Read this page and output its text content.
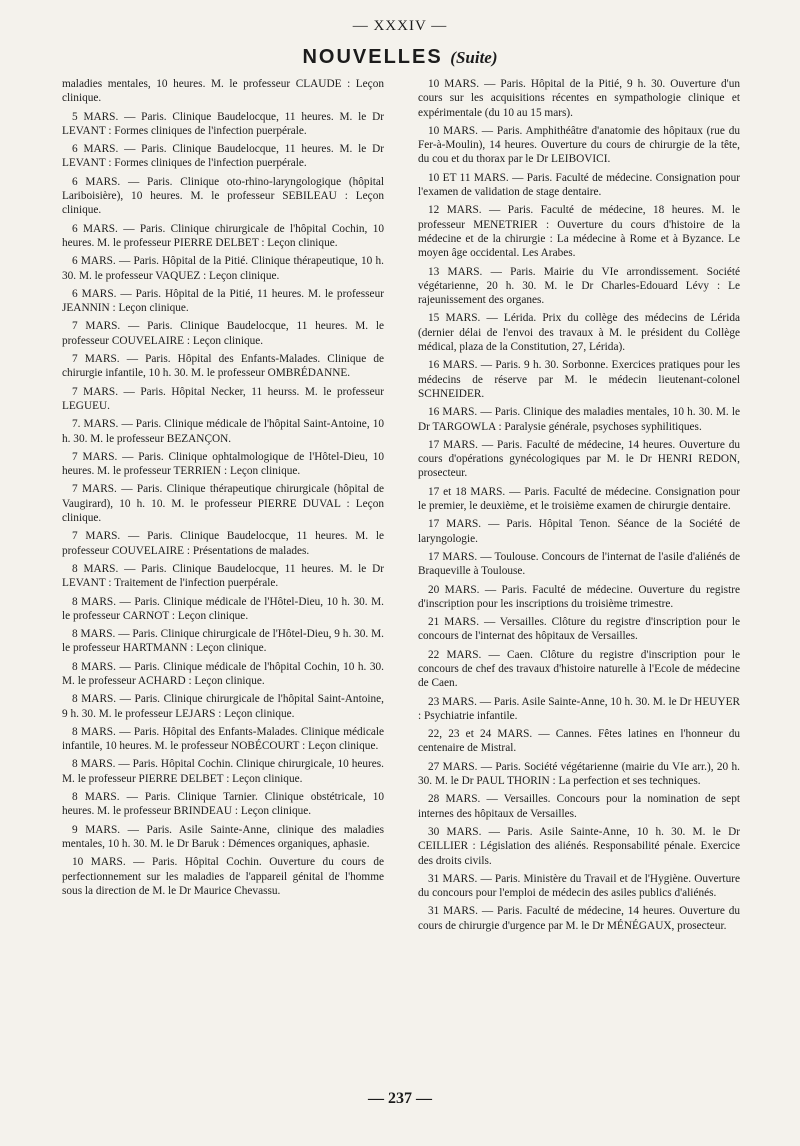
— XXXIV —
NOUVELLES (Suite)

maladies mentales, 10 heures. M. le professeur CLAUDE : Leçon clinique.

5 MARS. — Paris. Clinique Baudelocque, 11 heures. M. le Dr LEVANT : Formes cliniques de l'infection puerpérale.

6 MARS. — Paris. Clinique Baudelocque, 11 heures. M. le Dr LEVANT : Formes cliniques de l'infection puerpérale.

6 MARS. — Paris. Clinique oto-rhino-laryngologique (hôpital Lariboisière), 10 heures. M. le professeur SEBILEAU : Leçon clinique.

6 MARS. — Paris. Clinique chirurgicale de l'hôpital Cochin, 10 heures. M. le professeur PIERRE DELBET : Leçon clinique.

6 MARS. — Paris. Hôpital de la Pitié. Clinique thérapeutique, 10 h. 30. M. le professeur VAQUEZ : Leçon clinique.

6 MARS. — Paris. Hôpital de la Pitié, 11 heures. M. le professeur JEANNIN : Leçon clinique.

7 MARS. — Paris. Clinique Baudelocque, 11 heures. M. le professeur COUVELAIRE : Leçon clinique.

7 MARS. — Paris. Hôpital des Enfants-Malades. Clinique de chirurgie infantile, 10 h. 30. M. le professeur OMBRÉDANNE.

7 MARS. — Paris. Hôpital Necker, 11 heurss. M. le professeur LEGUEU.

7. MARS. — Paris. Clinique médicale de l'hôpital Saint-Antoine, 10 h. 30. M. le professeur BEZANÇON.

7 MARS. — Paris. Clinique ophtalmologique de l'Hôtel-Dieu, 10 heures. M. le professeur TERRIEN : Leçon clinique.

7 MARS. — Paris. Clinique thérapeutique chirurgicale (hôpital de Vaugirard), 10 h. 10. M. le professeur PIERRE DUVAL : Leçon clinique.

7 MARS. — Paris. Clinique Baudelocque, 11 heures. M. le professeur COUVELAIRE : Présentations de malades.

8 MARS. — Paris. Clinique Baudelocque, 11 heures. M. le Dr LEVANT : Traitement de l'infection puerpérale.

8 MARS. — Paris. Clinique médicale de l'Hôtel-Dieu, 10 h. 30. M. le professeur CARNOT : Leçon clinique.

8 MARS. — Paris. Clinique chirurgicale de l'Hôtel-Dieu, 9 h. 30. M. le professeur HARTMANN : Leçon clinique.

8 MARS. — Paris. Clinique médicale de l'hôpital Cochin, 10 h. 30. M. le professeur ACHARD : Leçon clinique.

8 MARS. — Paris. Clinique chirurgicale de l'hôpital Saint-Antoine, 9 h. 30. M. le professeur LEJARS : Leçon clinique.

8 MARS. — Paris. Hôpital des Enfants-Malades. Clinique médicale infantile, 10 heures. M. le professeur NOBÉCOURT : Leçon clinique.

8 MARS. — Paris. Hôpital Cochin. Clinique chirurgicale, 10 heures. M. le professeur PIERRE DELBET : Leçon clinique.

8 MARS. — Paris. Clinique Tarnier. Clinique obstétricale, 10 heures. M. le professeur BRINDEAU : Leçon clinique.

9 MARS. — Paris. Asile Sainte-Anne, clinique des maladies mentales, 10 h. 30. M. le Dr Baruk : Démences organiques, aphasie.

10 MARS. — Paris. Hôpital Cochin. Ouverture du cours de perfectionnement sur les maladies de l'appareil génital de l'homme sous la direction de M. le Dr Maurice Chevassu.

10 MARS. — Paris. Hôpital de la Pitié, 9 h. 30. Ouverture d'un cours sur les acquisitions récentes en sympathologie clinique et expérimentale (du 10 au 15 mars).

10 MARS. — Paris. Amphithéâtre d'anatomie des hôpitaux (rue du Fer-à-Moulin), 14 heures. Ouverture du cours de chirurgie de la tête, du cou et du thorax par le Dr LEIBOVICI.

10 ET 11 MARS. — Paris. Faculté de médecine. Consignation pour l'examen de validation de stage dentaire.

12 MARS. — Paris. Faculté de médecine, 18 heures. M. le professeur MENETRIER : Ouverture du cours d'histoire de la médecine et de la chirurgie : La médecine à Rome et à Byzance. Le moyen âge occidental. Les Arabes.

13 MARS. — Paris. Mairie du VIe arrondissement. Société végétarienne, 20 h. 30. M. le Dr Charles-Edouard Lévy : Le rajeunissement des organes.

15 MARS. — Lérida. Prix du collège des médecins de Lérida (dernier délai de l'envoi des travaux à M. le président du Collège médical, plaza de la Constitution, 27, Lérida).

16 MARS. — Paris. 9 h. 30. Sorbonne. Exercices pratiques pour les médecins de réserve par M. le médecin lieutenant-colonel SCHNEIDER.

16 MARS. — Paris. Clinique des maladies mentales, 10 h. 30. M. le Dr TARGOWLA : Paralysie générale, psychoses syphilitiques.

17 MARS. — Paris. Faculté de médecine, 14 heures. Ouverture du cours d'opérations gynécologiques par M. le Dr HENRI REDON, prosecteur.

17 et 18 MARS. — Paris. Faculté de médecine. Consignation pour le premier, le deuxième, et le troisième examen de chirurgie dentaire.

17 MARS. — Paris. Hôpital Tenon. Séance de la Société de laryngologie.

17 MARS. — Toulouse. Concours de l'internat de l'asile d'aliénés de Braqueville à Toulouse.

20 MARS. — Paris. Faculté de médecine. Ouverture du registre d'inscription pour les inscriptions du troisième trimestre.

21 MARS. — Versailles. Clôture du registre d'inscription pour le concours de l'internat des hôpitaux de Versailles.

22 MARS. — Caen. Clôture du registre d'inscription pour le concours de chef des travaux d'histoire naturelle à l'Ecole de médecine de Caen.

23 MARS. — Paris. Asile Sainte-Anne, 10 h. 30. M. le Dr HEUYER : Psychiatrie infantile.

22, 23 et 24 MARS. — Cannes. Fêtes latines en l'honneur du centenaire de Mistral.

27 MARS. — Paris. Société végétarienne (mairie du VIe arr.), 20 h. 30. M. le Dr PAUL THORIN : La perfection et ses techniques.

28 MARS. — Versailles. Concours pour la nomination de sept internes des hôpitaux de Versailles.

30 MARS. — Paris. Asile Sainte-Anne, 10 h. 30. M. le Dr CEILLIER : Législation des aliénés. Responsabilité pénale. Exercice des droits civils.

31 MARS. — Paris. Ministère du Travail et de l'Hygiène. Ouverture du concours pour l'emploi de médecin des asiles publics d'aliénés.

31 MARS. — Paris. Faculté de médecine, 14 heures. Ouverture du cours de chirurgie d'urgence par M. le Dr MÉNÉGAUX, prosecteur.

— 237 —
